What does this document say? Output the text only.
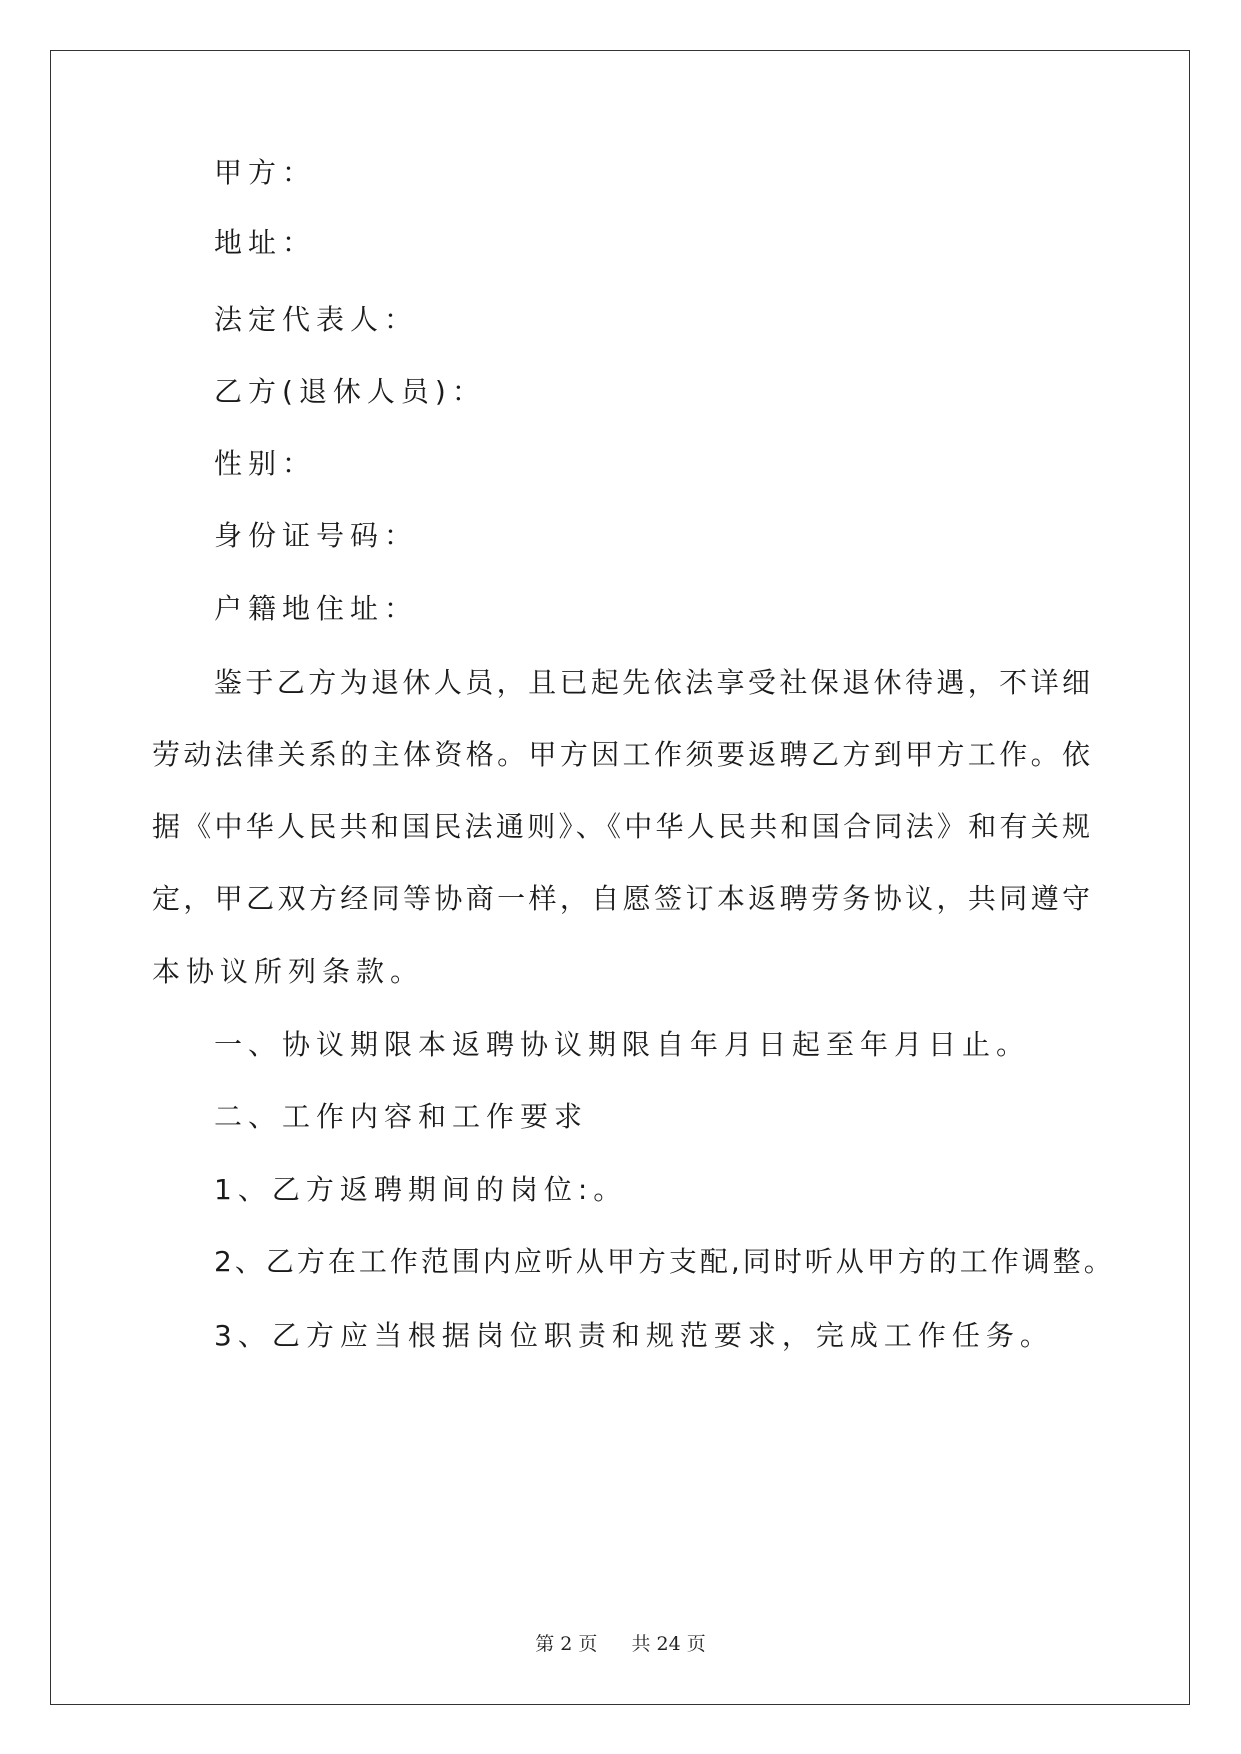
甲方：
地址：
法定代表人：
乙方(退休人员)：
性别：
身份证号码：
户籍地住址：
鉴于乙方为退休人员，且已起先依法享受社保退休待遇，不详细
劳动法律关系的主体资格。甲方因工作须要返聘乙方到甲方工作。依
据《中华人民共和国民法通则》、《中华人民共和国合同法》和有关规
定，甲乙双方经同等协商一样，自愿签订本返聘劳务协议，共同遵守
本协议所列条款。
一、协议期限本返聘协议期限自年月日起至年月日止。
二、工作内容和工作要求
1、乙方返聘期间的岗位:。
2、乙方在工作范围内应听从甲方支配,同时听从甲方的工作调整。
3、乙方应当根据岗位职责和规范要求，完成工作任务。
第 2 页 共 24 页
